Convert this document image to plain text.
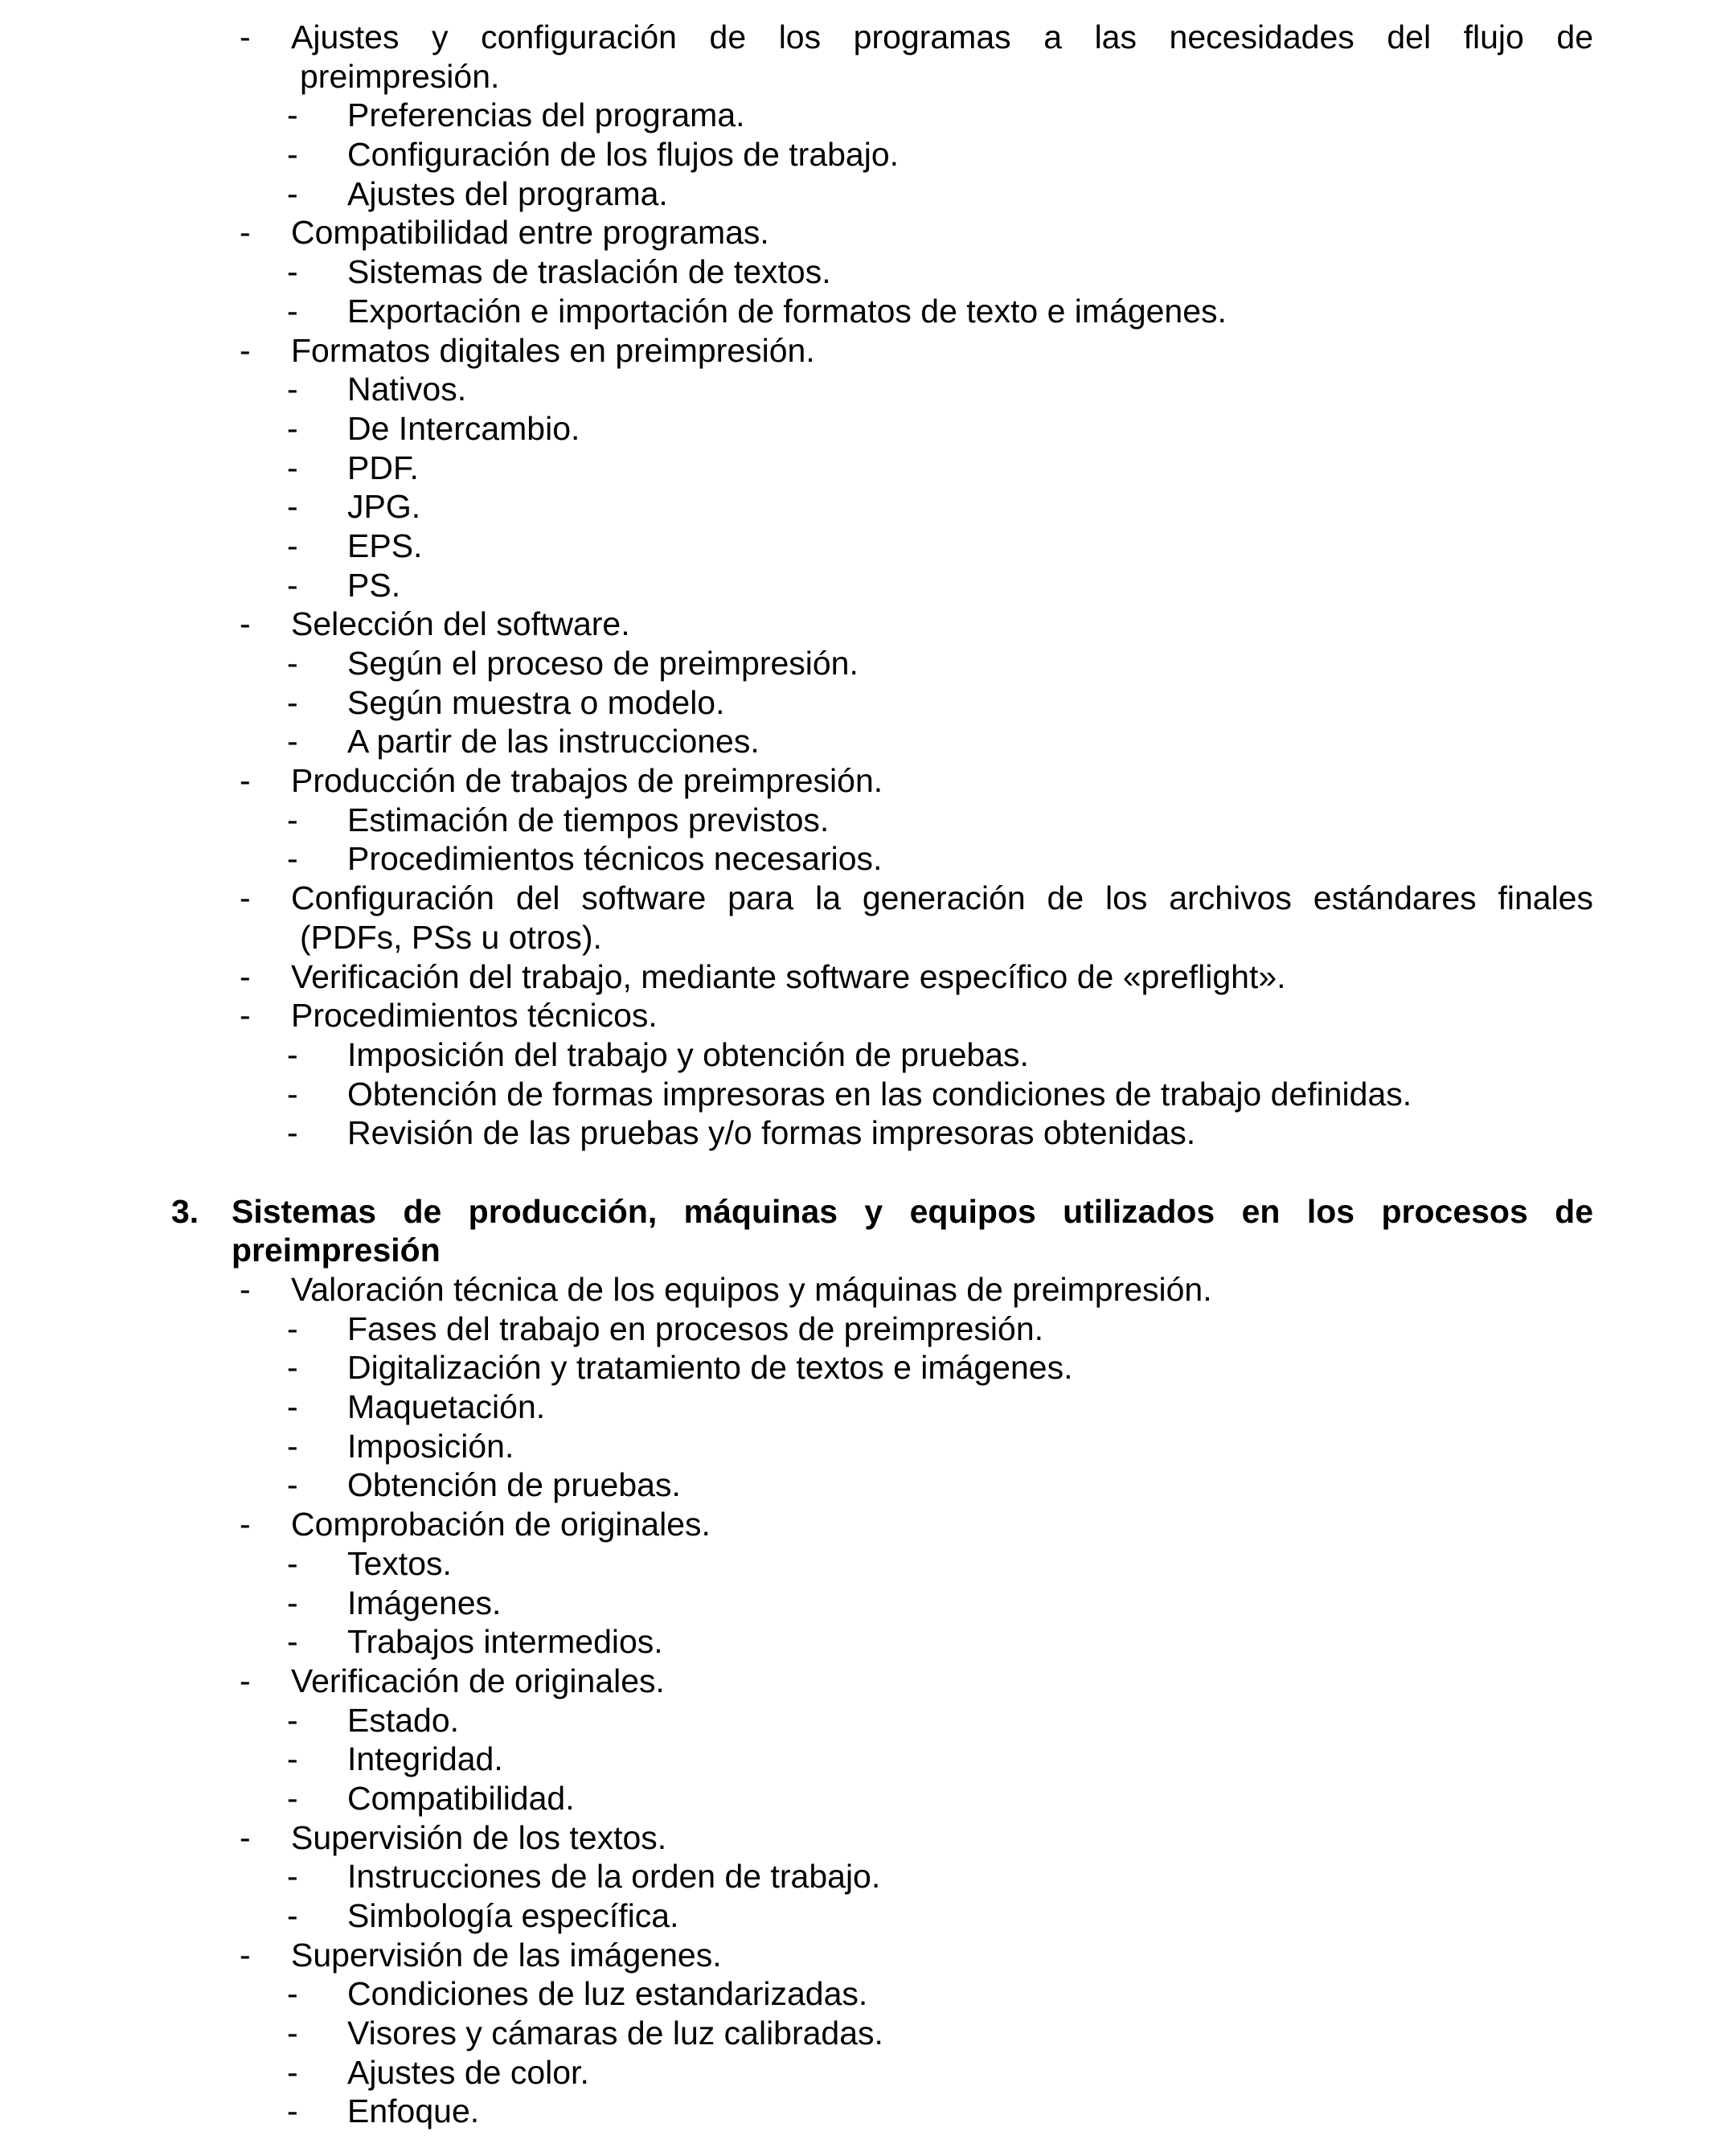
- Ajustes y configuración de los programas a las necesidades del flujo de
preimpresión.
- Preferencias del programa.
- Configuración de los flujos de trabajo.
- Ajustes del programa.
- Compatibilidad entre programas.
- Sistemas de traslación de textos.
- Exportación e importación de formatos de texto e imágenes.
- Formatos digitales en preimpresión.
- Nativos.
- De Intercambio.
- PDF.
- JPG.
- EPS.
- PS.
- Selección del software.
- Según el proceso de preimpresión.
- Según muestra o modelo.
- A partir de las instrucciones.
- Producción de trabajos de preimpresión.
- Estimación de tiempos previstos.
- Procedimientos técnicos necesarios.
- Configuración del software para la generación de los archivos estándares finales
(PDFs, PSs u otros).
- Verificación del trabajo, mediante software específico de «preflight».
- Procedimientos técnicos.
- Imposición del trabajo y obtención de pruebas.
- Obtención de formas impresoras en las condiciones de trabajo definidas.
- Revisión de las pruebas y/o formas impresoras obtenidas.
3. Sistemas de producción, máquinas y equipos utilizados en los procesos de
preimpresión
- Valoración técnica de los equipos y máquinas de preimpresión.
- Fases del trabajo en procesos de preimpresión.
- Digitalización y tratamiento de textos e imágenes.
- Maquetación.
- Imposición.
- Obtención de pruebas.
- Comprobación de originales.
- Textos.
- Imágenes.
- Trabajos intermedios.
- Verificación de originales.
- Estado.
- Integridad.
- Compatibilidad.
- Supervisión de los textos.
- Instrucciones de la orden de trabajo.
- Simbología específica.
- Supervisión de las imágenes.
- Condiciones de luz estandarizadas.
- Visores y cámaras de luz calibradas.
- Ajustes de color.
- Enfoque.
